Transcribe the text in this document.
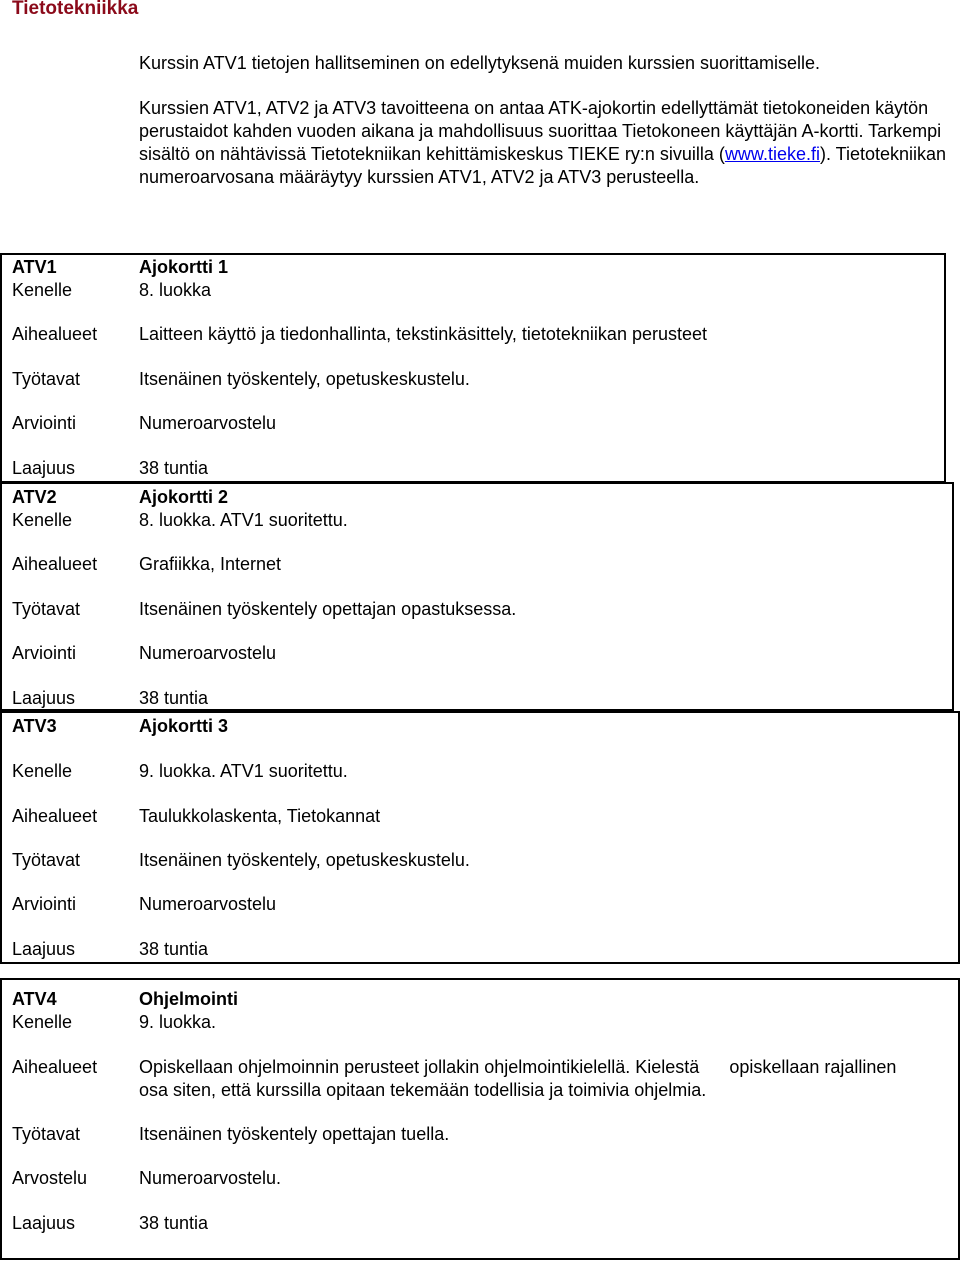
Tietotekniikka

Kurssin ATV1 tietojen hallitseminen on edellytyksenä muiden kurssien suorittamiselle.

Kurssien ATV1, ATV2 ja ATV3 tavoitteena on antaa ATK-ajokortin edellyttämät tietokoneiden käytön perustaidot kahden vuoden aikana ja mahdollisuus suorittaa Tietokoneen käyttäjän A-kortti. Tarkempi sisältö on nähtävissä Tietotekniikan kehittämiskeskus TIEKE ry:n sivuilla (www.tieke.fi). Tietotekniikan numeroarvosana määräytyy kurssien ATV1, ATV2 ja ATV3 perusteella.

ATV1	Ajokortti 1
Kenelle	8. luokka
Aihealueet Laitteen käyttö ja tiedonhallinta, tekstinkäsittely, tietotekniikan perusteet
Työtavat	Itsenäinen työskentely, opetuskeskustelu.
Arviointi	Numeroarvostelu
Laajuus	38 tuntia
ATV2	Ajokortti 2
Kenelle	8. luokka. ATV1 suoritettu.
Aihealueet Grafiikka, Internet
Työtavat	Itsenäinen työskentely opettajan opastuksessa.
Arviointi	Numeroarvostelu
Laajuus	38 tuntia
ATV3	Ajokortti 3
Kenelle	9. luokka. ATV1 suoritettu.
Aihealueet Taulukkolaskenta, Tietokannat
Työtavat	Itsenäinen työskentely, opetuskeskustelu.
Arviointi	Numeroarvostelu
Laajuus	38 tuntia
ATV4	Ohjelmointi
Kenelle	9. luokka.
Aihealueet Opiskellaan ohjelmoinnin perusteet jollakin ohjelmointikielellä. Kielestä      opiskellaan rajallinen osa siten, että kurssilla opitaan tekemään todellisia ja toimivia ohjelmia.
Työtavat	Itsenäinen työskentely opettajan tuella.
Arvostelu	Numeroarvostelu.
Laajuus	38 tuntia
